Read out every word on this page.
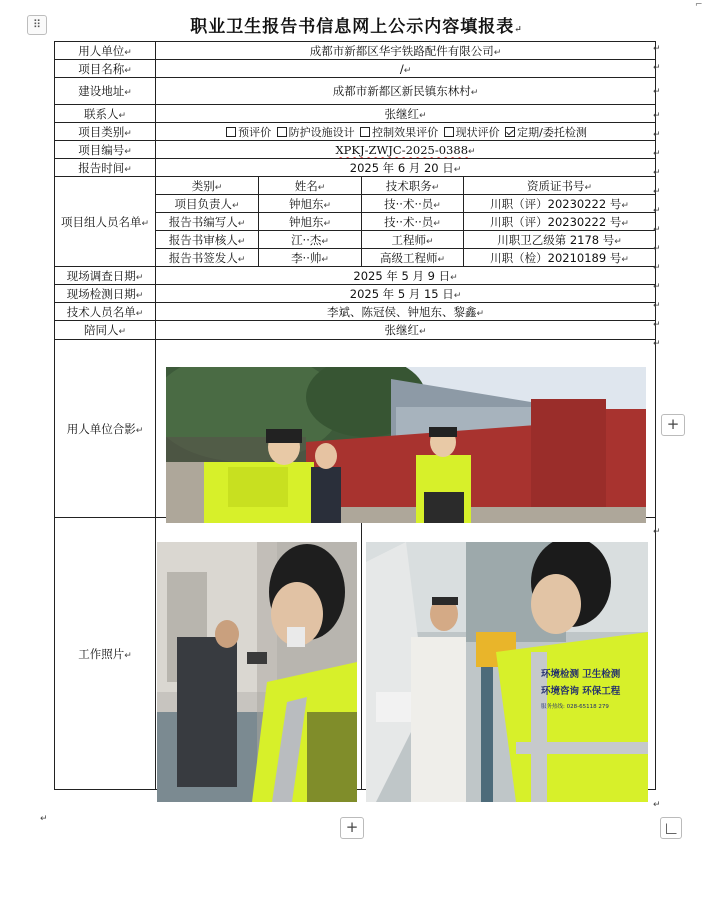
⠿
⌐
职业卫生报告书信息网上公示内容填报表↵
用人单位↵	成都市新都区华宇铁路配件有限公司↵			
项目名称↵	/↵			
建设地址↵	成都市新都区新民镇东林村↵			
联系人↵	张继红↵			
项目类别↵	预评价 防护设施设计 控制效果评价 现状评价 定期/委托检测			
项目编号↵	XPKJ-ZWJC-2025-0388↵			
报告时间↵	2025 年 6 月 20 日↵			
项目组人员名单↵	类别↵	姓名↵	技术职务↵	资质证书号↵
	项目负责人↵	钟旭东↵	技··术··员↵	川职（评）20230222 号↵
	报告书编写人↵	钟旭东↵	技··术··员↵	川职（评）20230222 号↵
	报告书审核人↵	江··杰↵	工程师↵	川职卫乙级第 2178 号↵
	报告书签发人↵	李··帅↵	高级工程师↵	川职（检）20210189 号↵
现场调查日期↵	2025 年 5 月 9 日↵			
现场检测日期↵	2025 年 5 月 15 日↵			
技术人员名单↵	李斌、陈冠侯、钟旭东、黎鑫↵			
陪同人↵	张继红↵			
用人单位合影↵				
工作照片↵				
环境检测 卫生检测
环境咨询 环保工程
服务热线: 028-65118 279
↵
↵
↵
↵
↵
↵
↵
↵
↵
↵
↵
↵
↵
↵
↵
↵
↵
↵
+
+
↵
